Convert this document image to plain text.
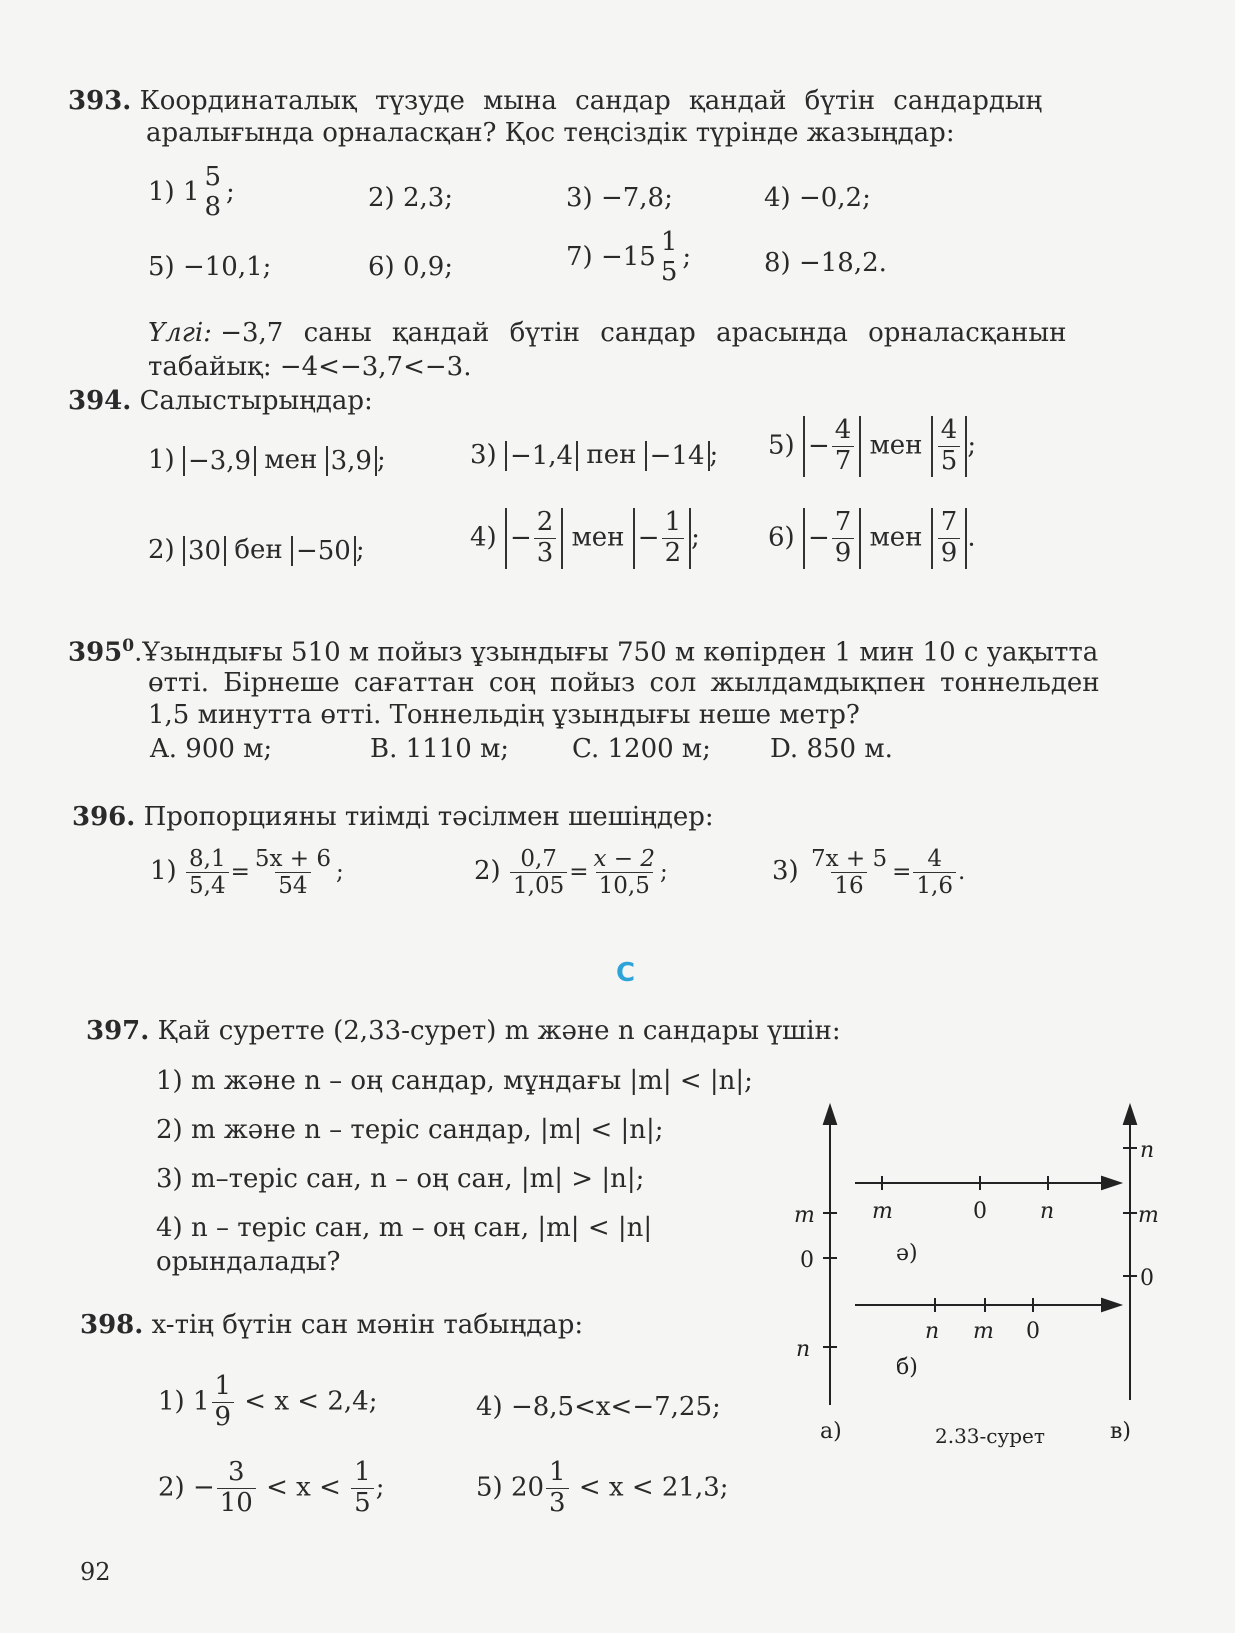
393. Координаталық түзуде мына сандар қандай бүтін сандардың
аралығында орналасқан? Қос теңсіздік түрінде жазыңдар:
1) 1 5
8 ;	2) 2,3;	3) −7,8;	4) −0,2;
5) −10,1;	6) 0,9;	7) −15 1
5 ;	8) −18,2.
Үлгі: −3,7 саны қандай бүтін сандар арасында орналасқанын
табайық: −4<−3,7<−3.
394. Салыстырыңдар:
1) −3,9 мен 3,9 ;	3) −1,4 пен −14 ; $5) - \frac{4}{7}$ мен $\frac{4}{5}$ ;
2) 30 бен −50 ;	$4) - \frac{2}{3}$ мен − $\frac{1}{2}$ ;	$6) - \frac{7}{9}$ мен $\frac{7}{9}$ .
$395^0.Ұзындығы$ 510 м пойыз ұзындығы 750 м көпірден 1 мин 10 с уақытта
өтті. Бірнеше сағаттан соң пойыз сол жылдамдықпен тоннельден
1,5 минутта өтті. Тоннельдің ұзындығы неше метр?
A. 900 м;	B. 1110 м; C. 1200 м; D. 850 м.
396. Пропорцияны тиімді тәсілмен шешіңдер:
$1) \frac{8,1}{5,4} = \frac{5x + 6}{54}$ ;	$2) \frac{0,7}{1,05} = \frac{x - 2}{10,5}$ ;	$3) \frac{7x + 5}{16} = \frac{4}{1,6}$ .
C
397. Қай суретте (2,33-сурет) m және n сандары үшін:
1) m және n – оң сандар, мұндағы |m| < |n|;
2) m және n – теріс сандар, |m| < |n|;
3) m–теріс сан, n – оң сан, |m| > |n|;
4) n – теріс сан, m – оң сан, |m| < |n|
орындалады?
m
0
n
а)
n
m
0
в)
m	0 n
ә)
n m 0
б)
2.33-сурет
398. x-тің бүтін сан мәнін табыңдар:
1) $1 \frac{1}{9} < x < 2,4$;	4) −8,5<x<−7,25;
$2) - \frac{3}{10} < x < \frac{1}{5}$ ;	5) $20 \frac{1}{3} < x < 21,3$;
92
